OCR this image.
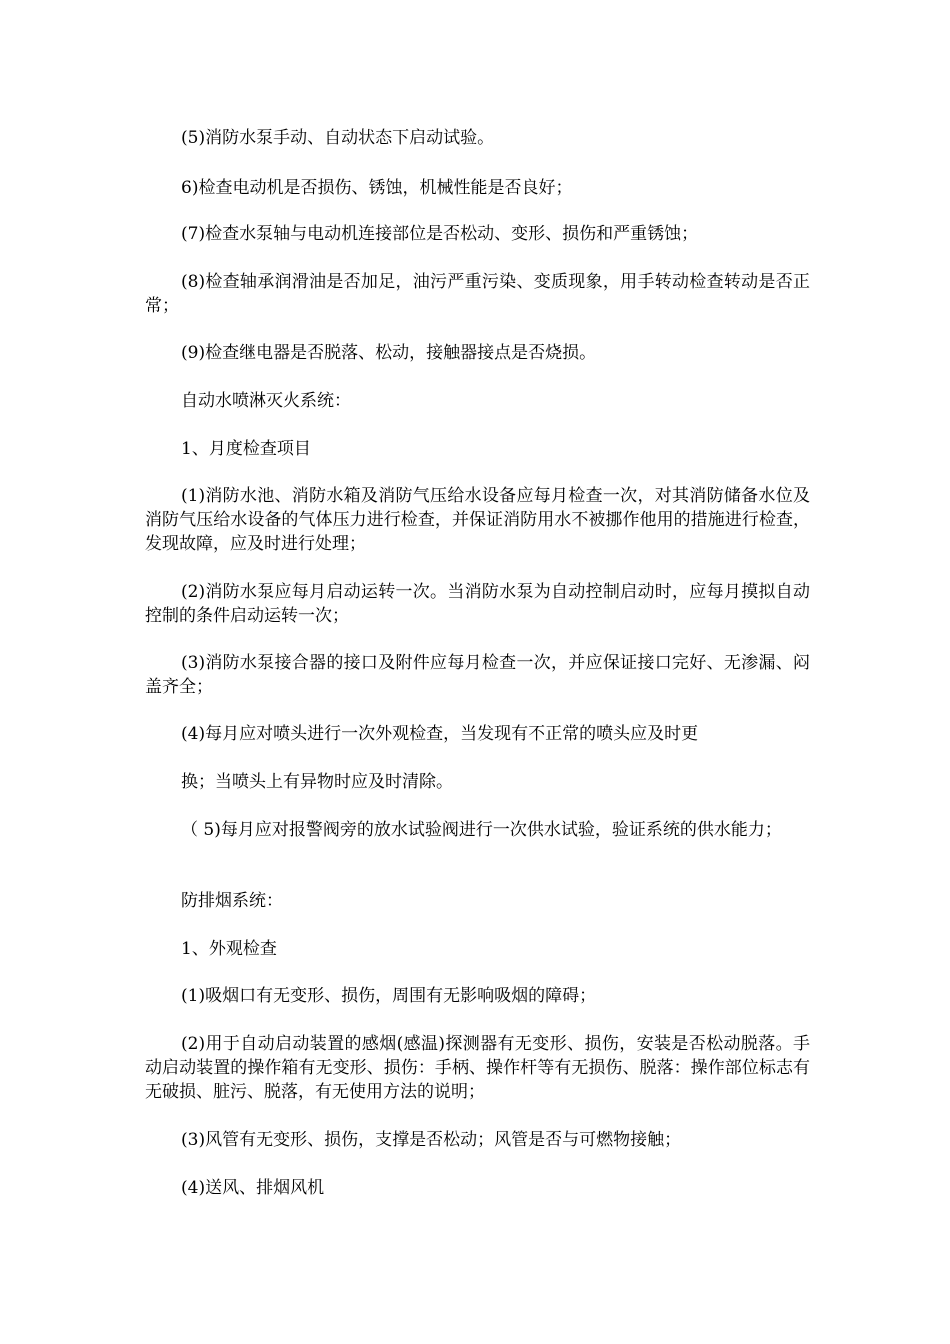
(5)消防水泵手动、自动状态下启动试验。

6)检查电动机是否损伤、锈蚀，机械性能是否良好；

(7)检查水泵轴与电动机连接部位是否松动、变形、损伤和严重锈蚀；

(8)检查轴承润滑油是否加足，油污严重污染、变质现象，用手转动检查转动是否正常；

(9)检查继电器是否脱落、松动，接触器接点是否烧损。

自动水喷淋灭火系统：

1、月度检查项目

(1)消防水池、消防水箱及消防气压给水设备应每月检查一次，对其消防储备水位及消防气压给水设备的气体压力进行检查，并保证消防用水不被挪作他用的措施进行检查，发现故障，应及时进行处理；

(2)消防水泵应每月启动运转一次。当消防水泵为自动控制启动时，应每月摸拟自动控制的条件启动运转一次；

(3)消防水泵接合器的接口及附件应每月检查一次，并应保证接口完好、无渗漏、闷盖齐全；

(4)每月应对喷头进行一次外观检查，当发现有不正常的喷头应及时更

换；当喷头上有异物时应及时清除。

（ 5)每月应对报警阀旁的放水试验阀进行一次供水试验，验证系统的供水能力；

防排烟系统：

1、外观检查

(1)吸烟口有无变形、损伤，周围有无影响吸烟的障碍；

(2)用于自动启动装置的感烟(感温)探测器有无变形、损伤，安装是否松动脱落。手动启动装置的操作箱有无变形、损伤：手柄、操作杆等有无损伤、脱落：操作部位标志有无破损、脏污、脱落，有无使用方法的说明；

(3)风管有无变形、损伤，支撑是否松动；风管是否与可燃物接触；

(4)送风、排烟风机
